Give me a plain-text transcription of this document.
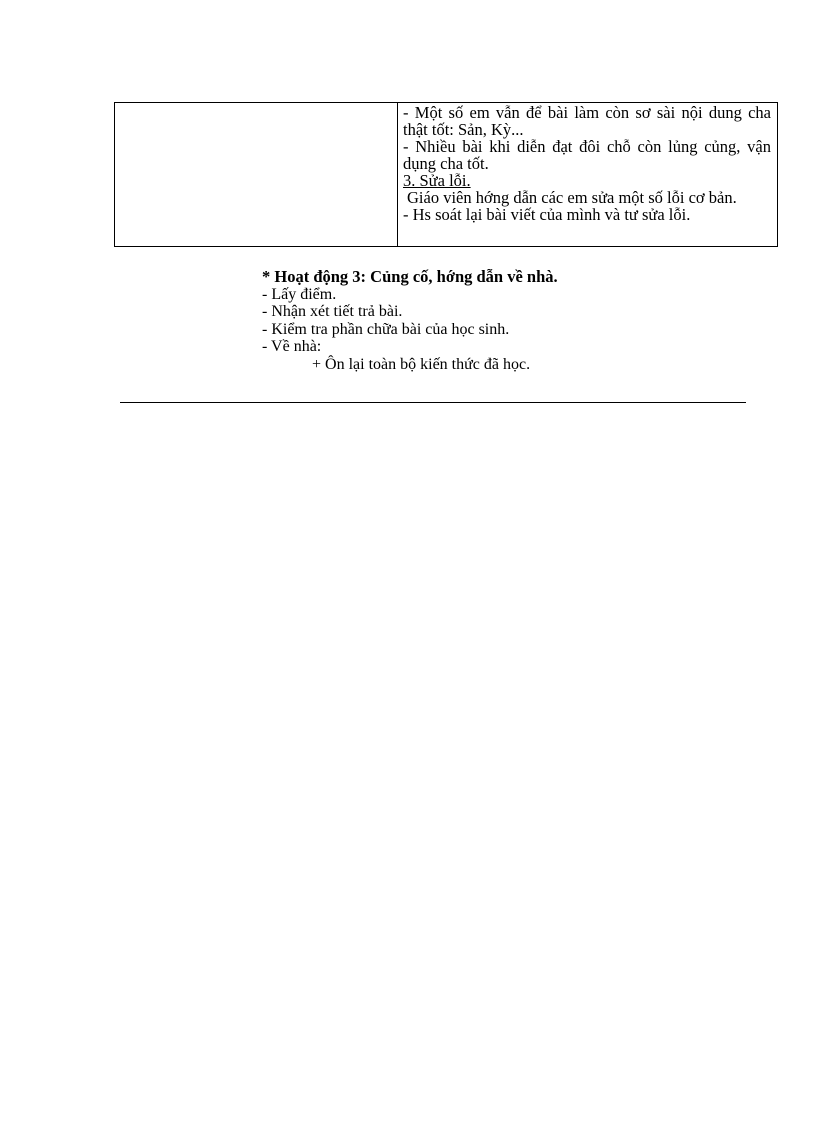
- Một số em vẫn để bài làm còn sơ sài nội dung cha thật tốt: Sản, Kỳ...

- Nhiều bài khi diễn đạt đôi chỗ còn lủng củng, vận dụng cha tốt.

3. Sửa lỗi.

Giáo viên hớng dẫn các em sửa một số lỗi cơ bản.

- Hs soát lại bài viết của mình và tư sửa lỗi.

* Hoạt động 3: Củng cố, hớng dẫn về nhà.

- Lấy điểm.

- Nhận xét tiết trả bài.

- Kiểm tra phần chữa bài của học sinh.

- Về nhà:

+ Ôn lại toàn bộ kiến thức đã học.
